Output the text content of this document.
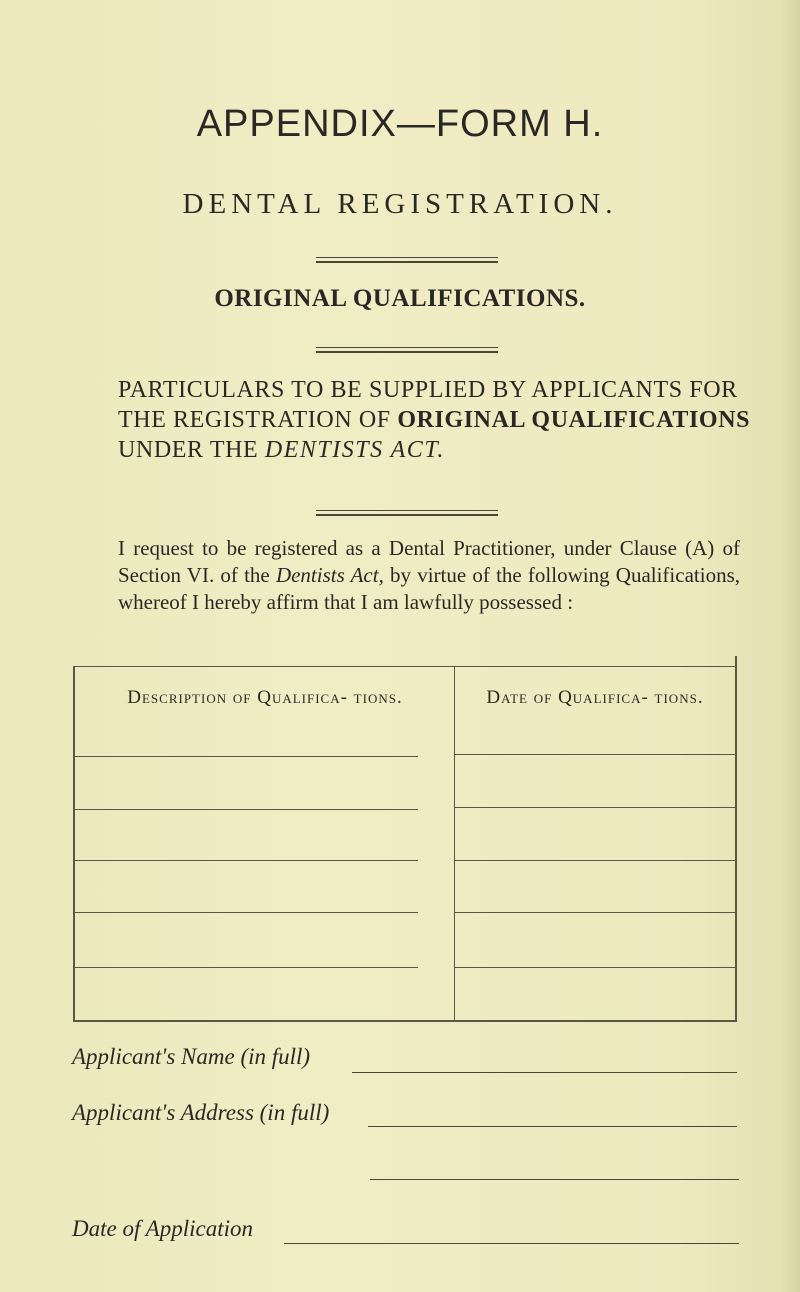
APPENDIX—FORM H.
DENTAL REGISTRATION.
ORIGINAL QUALIFICATIONS.
PARTICULARS TO BE SUPPLIED BY APPLICANTS FOR THE REGISTRATION OF ORIGINAL QUALIFICATIONS UNDER THE DENTISTS ACT.
I request to be registered as a Dental Practitioner, under Clause (A) of Section VI. of the Dentists Act, by virtue of the following Qualifications, whereof I hereby affirm that I am lawfully possessed :
Description of Qualifica- tions.	Date of Qualifica- tions.
Applicant's Name (in full)
Applicant's Address (in full)
Date of Application
